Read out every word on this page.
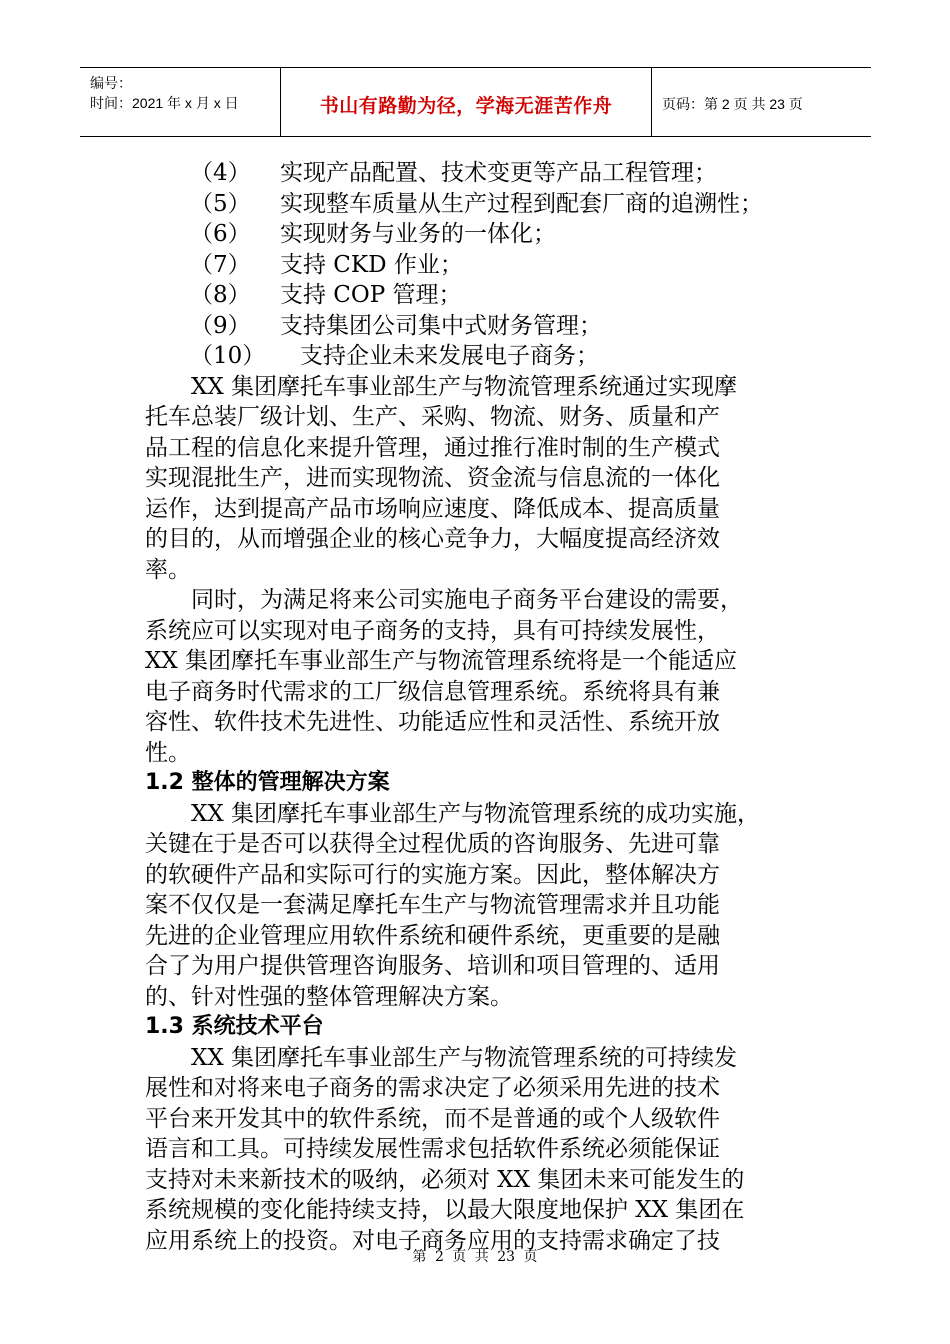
编号：
时间：2021 年 x 月 x 日	书山有路勤为径，学海无涯苦作舟	页码：第 2 页 共 23 页
（4） 实现产品配置、技术变更等产品工程管理；
（5） 实现整车质量从生产过程到配套厂商的追溯性；
（6） 实现财务与业务的一体化；
（7） 支持 CKD 作业；
（8） 支持 COP 管理；
（9） 支持集团公司集中式财务管理；
（10） 支持企业未来发展电子商务；
XX 集团摩托车事业部生产与物流管理系统通过实现摩
托车总装厂级计划、生产、采购、物流、财务、质量和产
品工程的信息化来提升管理，通过推行准时制的生产模式
实现混批生产，进而实现物流、资金流与信息流的一体化
运作，达到提高产品市场响应速度、降低成本、提高质量
的目的，从而增强企业的核心竞争力，大幅度提高经济效
率。
同时，为满足将来公司实施电子商务平台建设的需要，
系统应可以实现对电子商务的支持，具有可持续发展性，
XX 集团摩托车事业部生产与物流管理系统将是一个能适应
电子商务时代需求的工厂级信息管理系统。系统将具有兼
容性、软件技术先进性、功能适应性和灵活性、系统开放
性。
1.2 整体的管理解决方案
XX 集团摩托车事业部生产与物流管理系统的成功实施，
关键在于是否可以获得全过程优质的咨询服务、先进可靠
的软硬件产品和实际可行的实施方案。因此，整体解决方
案不仅仅是一套满足摩托车生产与物流管理需求并且功能
先进的企业管理应用软件系统和硬件系统，更重要的是融
合了为用户提供管理咨询服务、培训和项目管理的、适用
的、针对性强的整体管理解决方案。
1.3 系统技术平台
XX 集团摩托车事业部生产与物流管理系统的可持续发
展性和对将来电子商务的需求决定了必须采用先进的技术
平台来开发其中的软件系统，而不是普通的或个人级软件
语言和工具。可持续发展性需求包括软件系统必须能保证
支持对未来新技术的吸纳，必须对 XX 集团未来可能发生的
系统规模的变化能持续支持，以最大限度地保护 XX 集团在
应用系统上的投资。对电子商务应用的支持需求确定了技
第 2 页 共 23 页
